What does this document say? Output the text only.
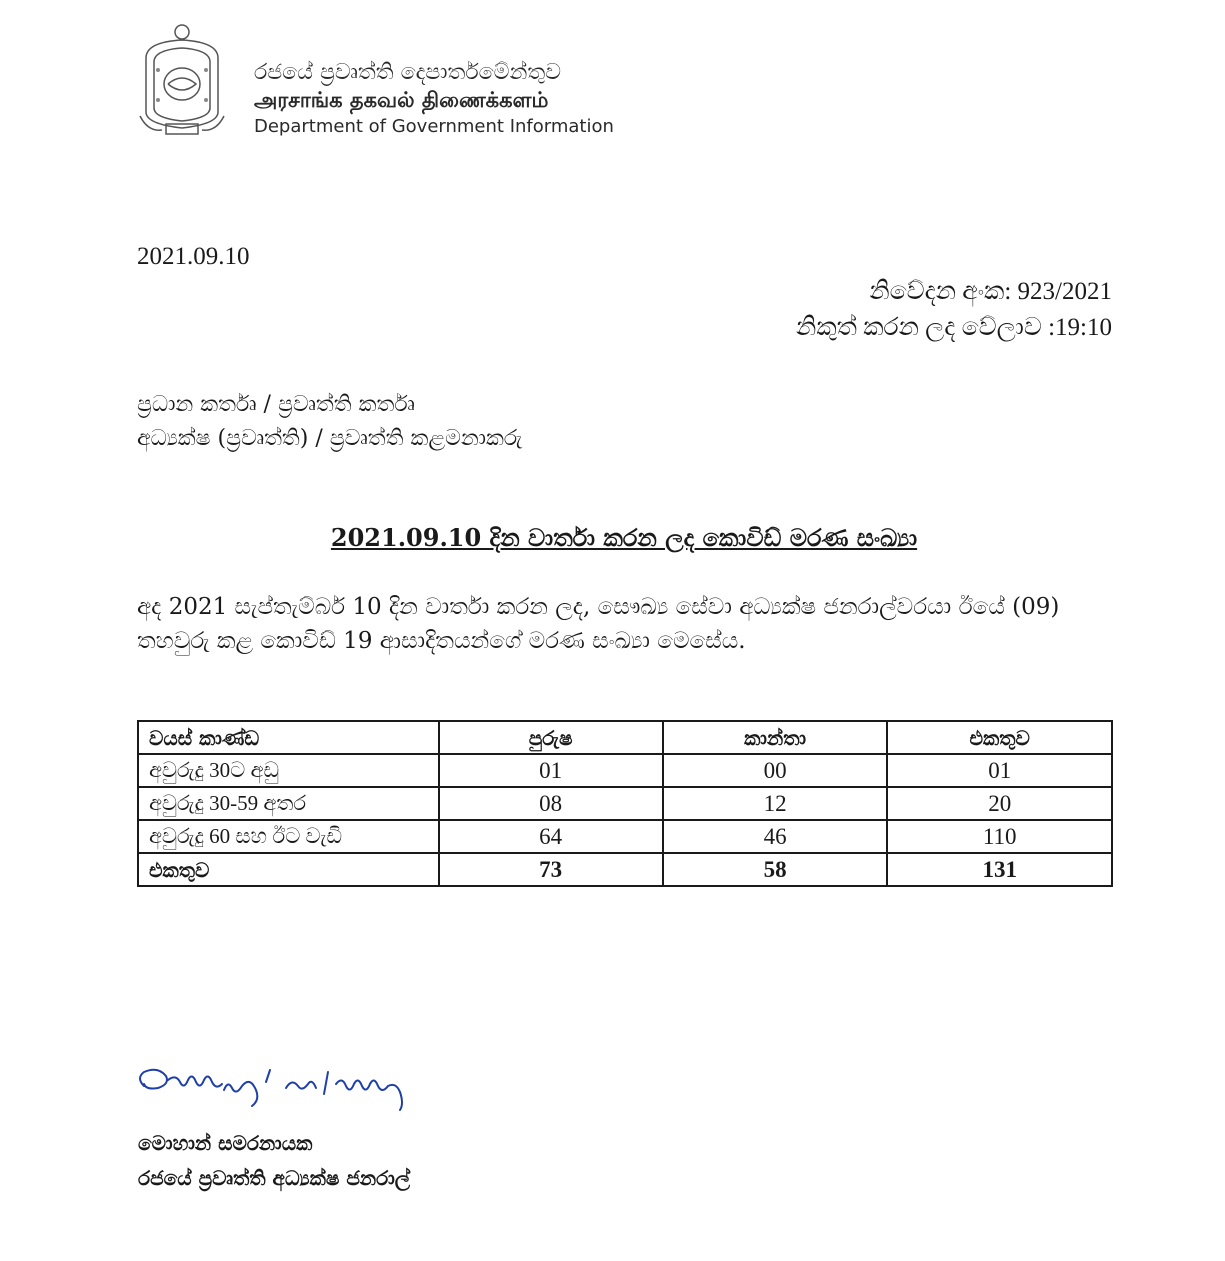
රජයේ ප්‍රවෘත්ති දෙපාර්තමේන්තුව
அரசாங்க தகவல் திணைக்களம்
Department of Government Information
2021.09.10
නිවේදන අංක: 923/2021
නිකුත් කරන ලද වේලාව :19:10
ප්‍රධාන කර්තෘ / ප්‍රවෘත්ති කර්තෘ
අධ්‍යක්ෂ (ප්‍රවෘත්ති) / ප්‍රවෘත්ති කළමනාකරු
2021.09.10 දින වාර්තා කරන ලද කොවිඩ් මරණ සංඛ්‍යා
අද 2021 සැප්තැම්බර් 10 දින වාර්තා කරන ලද, සෞඛ්‍ය සේවා අධ්‍යක්ෂ ජනරාල්වරයා ඊයේ (09) තහවුරු කළ කොවිඩ් 19 ආසාදිතයන්ගේ මරණ සංඛ්‍යා මෙසේය.
වයස් කාණ්ඩ	පුරුෂ	කාන්තා	එකතුව
අවුරුදු 30ට අඩු	01	00	01
අවුරුදු 30-59 අතර	08	12	20
අවුරුදු 60 සහ ඊට වැඩි	64	46	110
එකතුව	73	58	131
මොහාන් සමරනායක
රජයේ ප්‍රවෘත්ති අධ්‍යක්ෂ ජනරාල්
